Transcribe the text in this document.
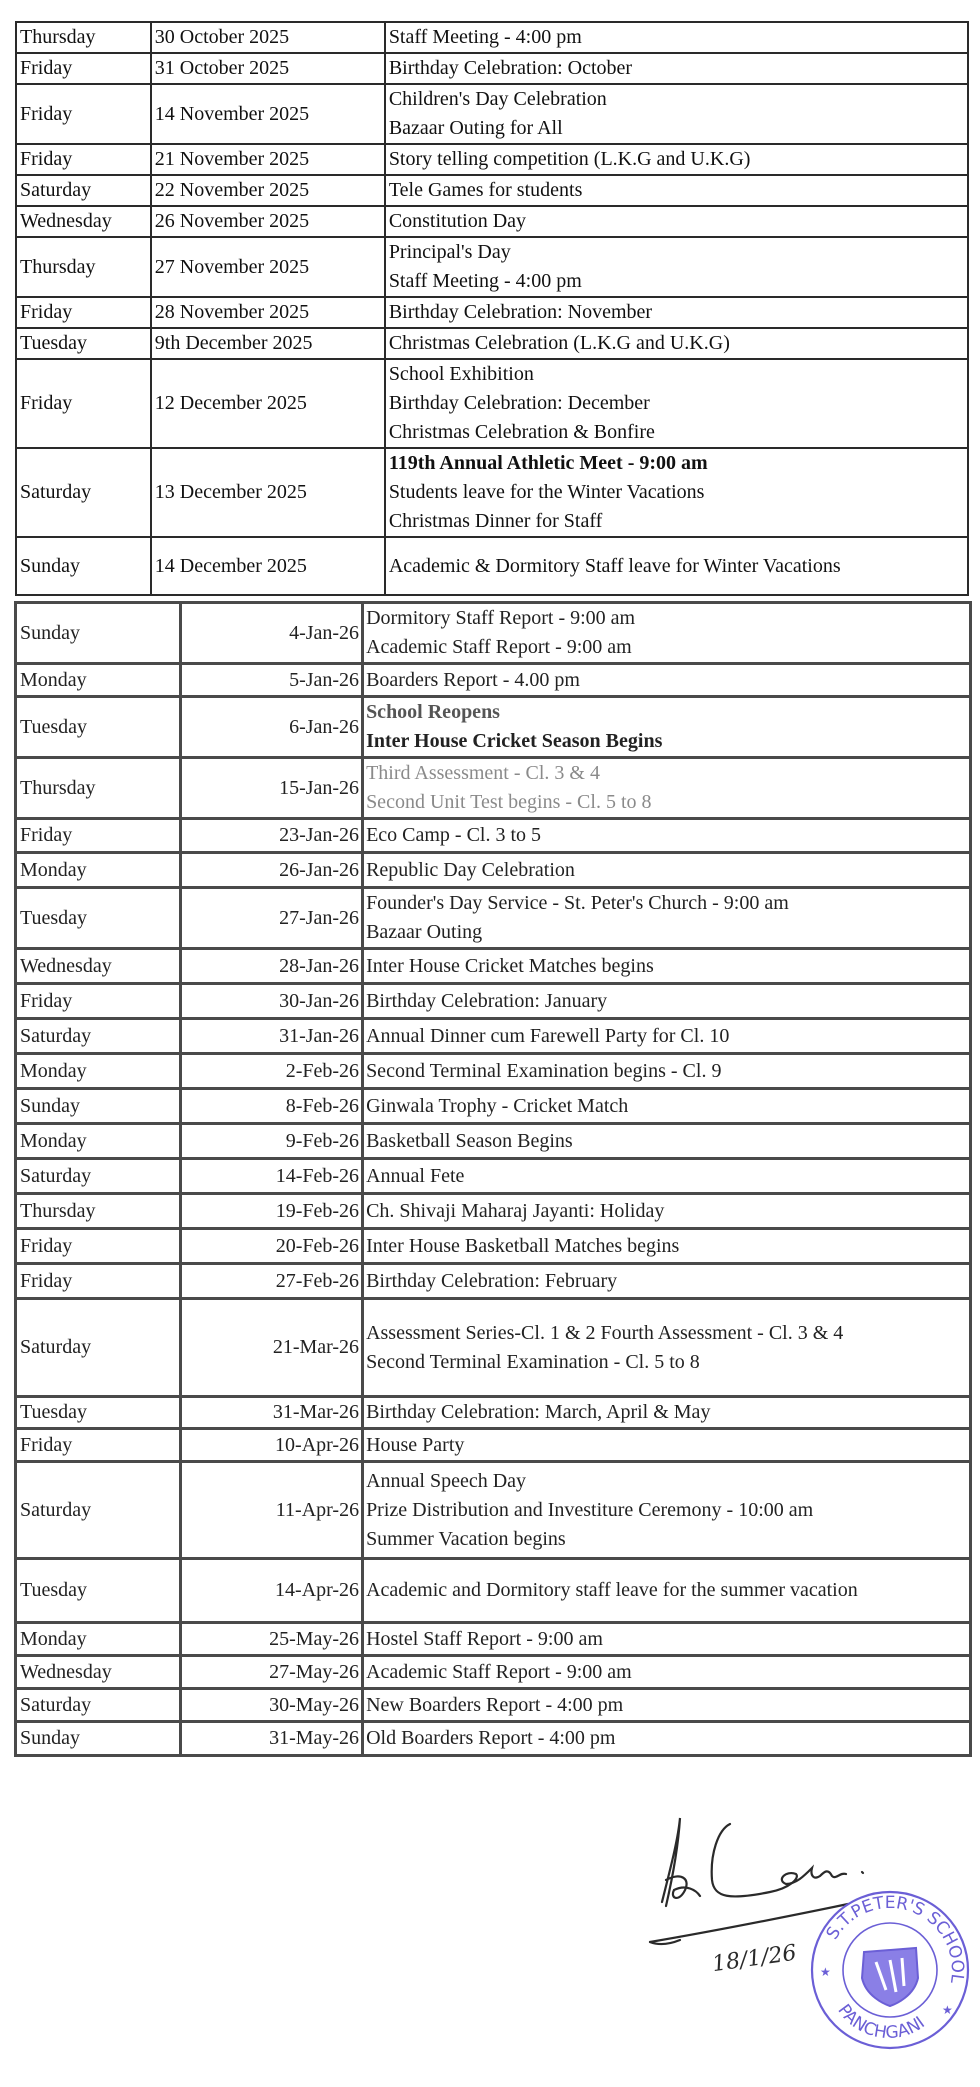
Thursday	30 October 2025	Staff Meeting - 4:00 pm

Friday	31 October 2025	Birthday Celebration: October

Friday	14 November 2025	Children's Day Celebration
Bazaar Outing for All

Friday	21 November 2025	Story telling competition (L.K.G and U.K.G)

Saturday	22 November 2025	Tele Games for students

Wednesday	26 November 2025	Constitution Day

Thursday	27 November 2025	Principal's Day
Staff Meeting - 4:00 pm

Friday	28 November 2025	Birthday Celebration: November

Tuesday	9th December 2025	Christmas Celebration (L.K.G and U.K.G)

Friday	12 December 2025	School Exhibition
Birthday Celebration: December
Christmas Celebration & Bonfire

Saturday	13 December 2025	119th Annual Athletic Meet - 9:00 am
Students leave for the Winter Vacations
Christmas Dinner for Staff

Sunday	14 December 2025	Academic & Dormitory Staff leave for Winter Vacations
Sunday	4-Jan-26	Dormitory Staff Report - 9:00 am
Academic Staff Report - 9:00 am

Monday	5-Jan-26	Boarders Report - 4.00 pm

Tuesday	6-Jan-26	School Reopens
Inter House Cricket Season Begins

Thursday	15-Jan-26	Third Assessment - Cl. 3 & 4
Second Unit Test begins - Cl. 5 to 8

Friday	23-Jan-26	Eco Camp - Cl. 3 to 5

Monday	26-Jan-26	Republic Day Celebration

Tuesday	27-Jan-26	Founder's Day Service - St. Peter's Church - 9:00 am
Bazaar Outing

Wednesday	28-Jan-26	Inter House Cricket Matches begins

Friday	30-Jan-26	Birthday Celebration: January

Saturday	31-Jan-26	Annual Dinner cum Farewell Party for Cl. 10

Monday	2-Feb-26	Second Terminal Examination begins - Cl. 9

Sunday	8-Feb-26	Ginwala Trophy - Cricket Match

Monday	9-Feb-26	Basketball Season Begins

Saturday	14-Feb-26	Annual Fete

Thursday	19-Feb-26	Ch. Shivaji Maharaj Jayanti: Holiday

Friday	20-Feb-26	Inter House Basketball Matches begins

Friday	27-Feb-26	Birthday Celebration: February

Saturday	21-Mar-26	Assessment Series-Cl. 1 & 2 Fourth Assessment - Cl. 3 & 4
Second Terminal Examination - Cl. 5 to 8

Tuesday	31-Mar-26	Birthday Celebration: March, April & May

Friday	10-Apr-26	House Party

Saturday	11-Apr-26	Annual Speech Day
Prize Distribution and Investiture Ceremony - 10:00 am
Summer Vacation begins

Tuesday	14-Apr-26	Academic and Dormitory staff leave for the summer vacation

Monday	25-May-26	Hostel Staff Report - 9:00 am

Wednesday	27-May-26	Academic Staff Report - 9:00 am

Saturday	30-May-26	New Boarders Report - 4:00 pm

Sunday	31-May-26	Old Boarders Report - 4:00 pm
18/1/26
S.T.PETER'S SCHOOL
PANCHGANI
★
★
